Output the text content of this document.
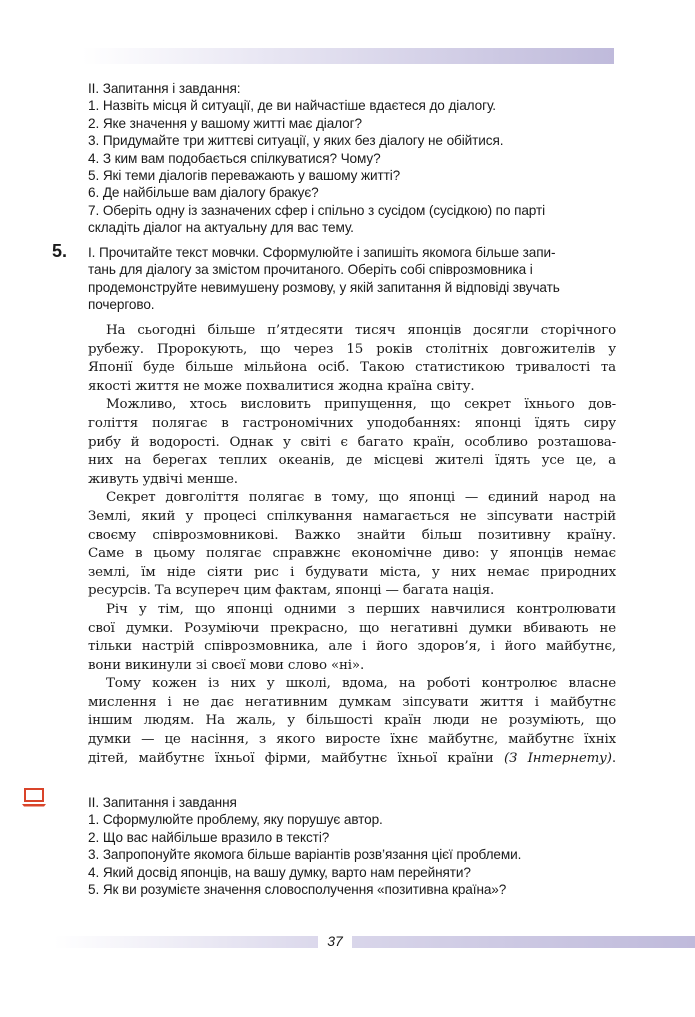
II. Запитання і завдання:
1. Назвіть місця й ситуації, де ви найчастіше вдаєтеся до діалогу.
2. Яке значення у вашому житті має діалог?
3. Придумайте три життєві ситуації, у яких без діалогу не обійтися.
4. З ким вам подобається спілкуватися? Чому?
5. Які теми діалогів переважають у вашому житті?
6. Де найбільше вам діалогу бракує?
7. Оберіть одну із зазначених сфер і спільно з сусідом (сусідкою) по парті
складіть діалог на актуальну для вас тему.
5. I. Прочитайте текст мовчки. Сформулюйте і запишіть якомога більше запи-
тань для діалогу за змістом прочитаного. Оберіть собі співрозмовника і
продемонструйте невимушену розмову, у якій запитання й відповіді звучать
почергово.
На сьогодні більше п’ятдесяти тисяч японців досягли сторічного
рубежу. Пророкують, що через 15 років столітніх довгожителів у
Японії буде більше мільйона осіб. Такою статистикою тривалості та
якості життя не може похвалитися жодна країна світу.
Можливо, хтось висловить припущення, що секрет їхнього дов-
голіття полягає в гастрономічних уподобаннях: японці їдять сиру
рибу й водорості. Однак у світі є багато країн, особливо розташова-
них на берегах теплих океанів, де місцеві жителі їдять усе це, а
живуть удвічі менше.
Секрет довголіття полягає в тому, що японці — єдиний народ на
Землі, який у процесі спілкування намагається не зіпсувати настрій
своєму співрозмовникові. Важко знайти більш позитивну країну.
Саме в цьому полягає справжнє економічне диво: у японців немає
землі, їм ніде сіяти рис і будувати міста, у них немає природних
ресурсів. Та всупереч цим фактам, японці — багата нація.
Річ у тім, що японці одними з перших навчилися контролювати
свої думки. Розуміючи прекрасно, що негативні думки вбивають не
тільки настрій співрозмовника, але і його здоров’я, і його майбутнє,
вони викинули зі своєї мови слово «ні».
Тому кожен із них у школі, вдома, на роботі контролює власне
мислення і не дає негативним думкам зіпсувати життя і майбутнє
іншим людям. На жаль, у більшості країн люди не розуміють, що
думки — це насіння, з якого виросте їхнє майбутнє, майбутнє їхніх
дітей, майбутнє їхньої фірми, майбутнє їхньої країни (З Інтернету).
II. Запитання і завдання
1. Сформулюйте проблему, яку порушує автор.
2. Що вас найбільше вразило в тексті?
3. Запропонуйте якомога більше варіантів розв’язання цієї проблеми.
4. Який досвід японців, на вашу думку, варто нам перейняти?
5. Як ви розумієте значення словосполучення «позитивна країна»?
37
